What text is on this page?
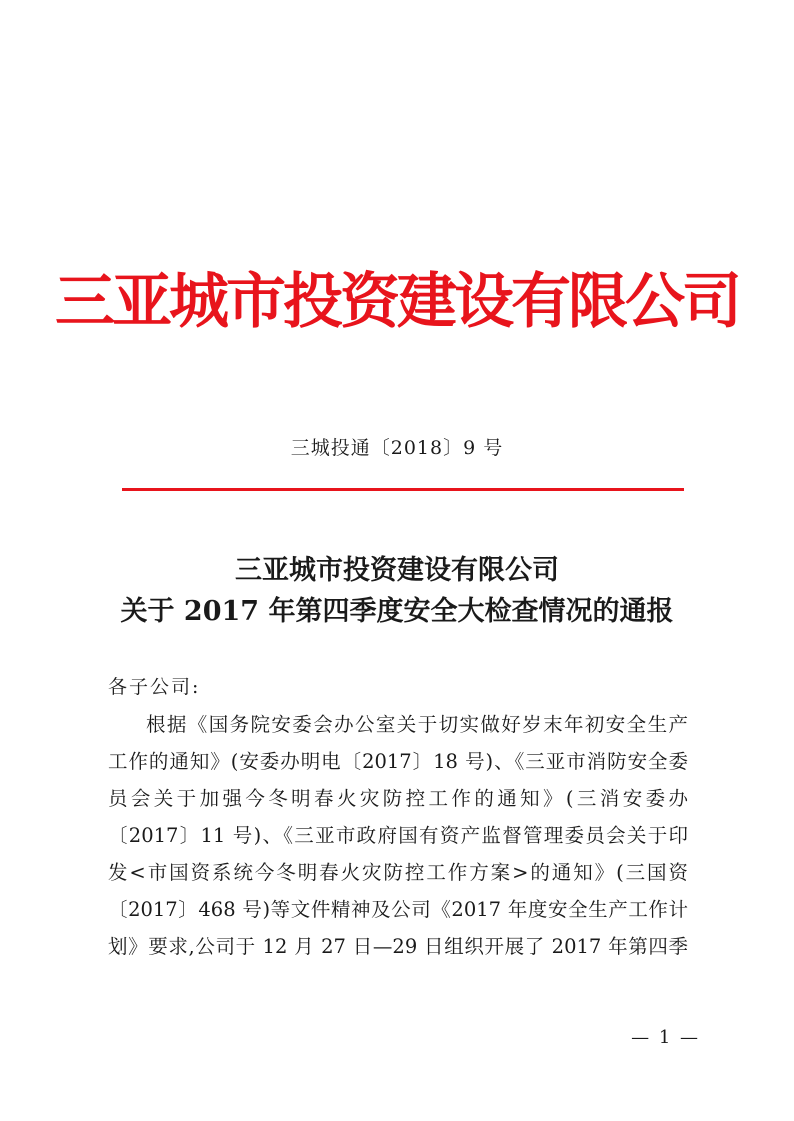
三亚城市投资建设有限公司
三城投通〔2018〕9 号
三亚城市投资建设有限公司
关于 2017 年第四季度安全大检查情况的通报
各子公司:
根据《国务院安委会办公室关于切实做好岁末年初安全生产
工作的通知》(安委办明电〔2017〕18 号)、《三亚市消防安全委
员会关于加强今冬明春火灾防控工作的通知》(三消安委办
〔2017〕11 号)、《三亚市政府国有资产监督管理委员会关于印
发<市国资系统今冬明春火灾防控工作方案>的通知》(三国资
〔2017〕468 号)等文件精神及公司《2017 年度安全生产工作计
划》要求,公司于 12 月 27 日—29 日组织开展了 2017 年第四季
— 1 —
